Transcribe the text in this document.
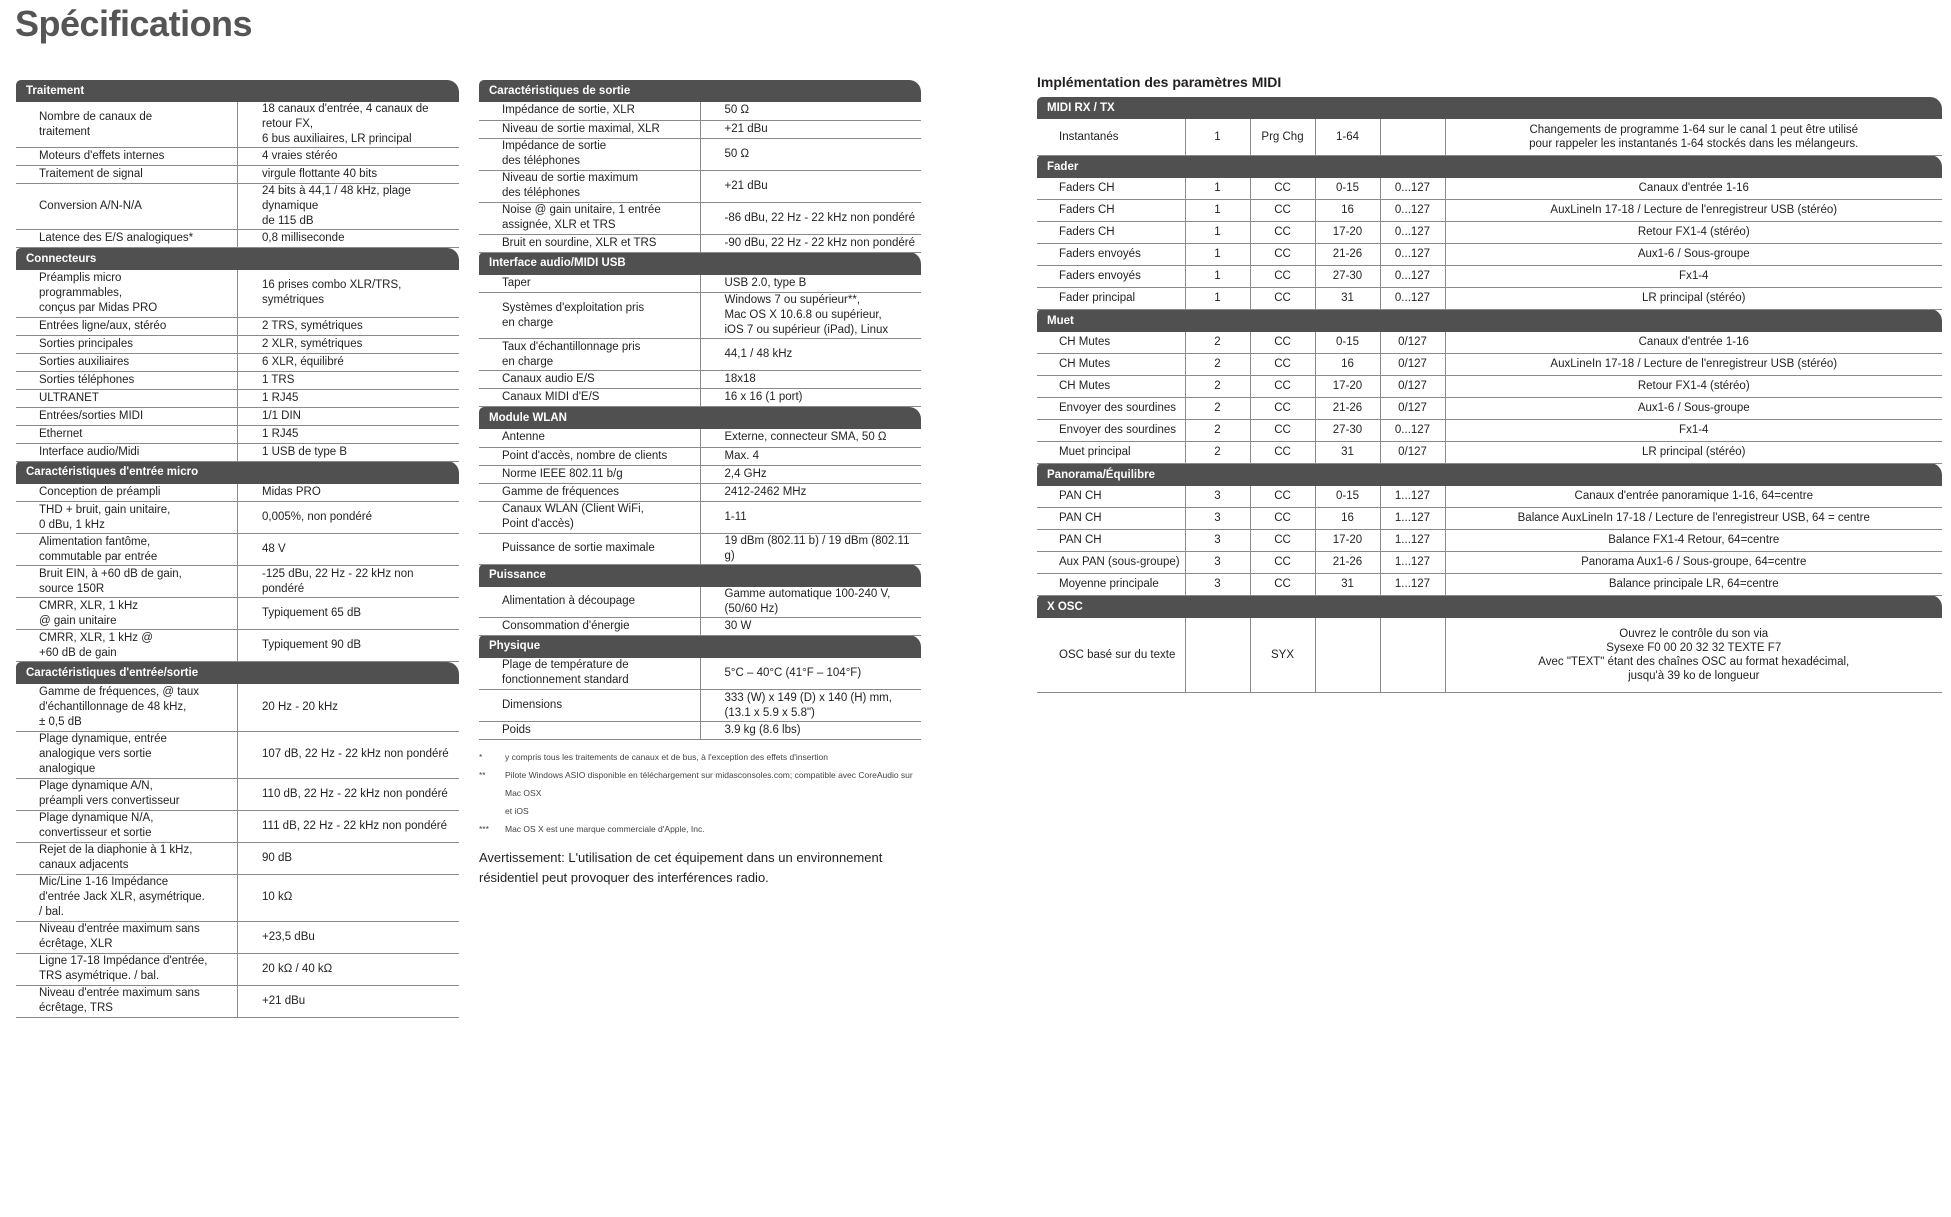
Spécifications
Traitement	
Nombre de canaux de
traitement	18 canaux d'entrée, 4 canaux de retour FX,
6 bus auxiliaires, LR principal
Moteurs d'effets internes	4 vraies stéréo
Traitement de signal	virgule flottante 40 bits
Conversion A/N-N/A	24 bits à 44,1 / 48 kHz, plage dynamique
de 115 dB
Latence des E/S analogiques*	0,8 milliseconde
Connecteurs	
Préamplis micro
programmables,
conçus par Midas PRO	16 prises combo XLR/TRS, symétriques
Entrées ligne/aux, stéréo	2 TRS, symétriques
Sorties principales	2 XLR, symétriques
Sorties auxiliaires	6 XLR, équilibré
Sorties téléphones	1 TRS
ULTRANET	1 RJ45
Entrées/sorties MIDI	1/1 DIN
Ethernet	1 RJ45
Interface audio/Midi	1 USB de type B
Caractéristiques d'entrée micro	
Conception de préampli	Midas PRO
THD + bruit, gain unitaire,
0 dBu, 1 kHz	0,005%, non pondéré
Alimentation fantôme,
commutable par entrée	48 V
Bruit EIN, à +60 dB de gain,
source 150R	-125 dBu, 22 Hz - 22 kHz non pondéré
CMRR, XLR, 1 kHz
@ gain unitaire	Typiquement 65 dB
CMRR, XLR, 1 kHz @
+60 dB de gain	Typiquement 90 dB
Caractéristiques d'entrée/sortie	
Gamme de fréquences, @ taux
d'échantillonnage de 48 kHz,
± 0,5 dB	20 Hz - 20 kHz
Plage dynamique, entrée
analogique vers sortie
analogique	107 dB, 22 Hz - 22 kHz non pondéré
Plage dynamique A/N,
préampli vers convertisseur	110 dB, 22 Hz - 22 kHz non pondéré
Plage dynamique N/A,
convertisseur et sortie	111 dB, 22 Hz - 22 kHz non pondéré
Rejet de la diaphonie à 1 kHz,
canaux adjacents	90 dB
Mic/Line 1-16 Impédance
d'entrée Jack XLR, asymétrique.
/ bal.	10 kΩ
Niveau d'entrée maximum sans
écrêtage, XLR	+23,5 dBu
Ligne 17-18 Impédance d'entrée,
TRS asymétrique. / bal.	20 kΩ / 40 kΩ
Niveau d'entrée maximum sans
écrêtage, TRS	+21 dBu
Caractéristiques de sortie	
Impédance de sortie, XLR	50 Ω
Niveau de sortie maximal, XLR	+21 dBu
Impédance de sortie
des téléphones	50 Ω
Niveau de sortie maximum
des téléphones	+21 dBu
Noise @ gain unitaire, 1 entrée
assignée, XLR et TRS	-86 dBu, 22 Hz - 22 kHz non pondéré
Bruit en sourdine, XLR et TRS	-90 dBu, 22 Hz - 22 kHz non pondéré
Interface audio/MIDI USB	
Taper	USB 2.0, type B
Systèmes d'exploitation pris
en charge	Windows 7 ou supérieur**,
Mac OS X 10.6.8 ou supérieur,
iOS 7 ou supérieur (iPad), Linux
Taux d'échantillonnage pris
en charge	44,1 / 48 kHz
Canaux audio E/S	18x18
Canaux MIDI d'E/S	16 x 16 (1 port)
Module WLAN	
Antenne	Externe, connecteur SMA, 50 Ω
Point d'accès, nombre de clients	Max. 4
Norme IEEE 802.11 b/g	2,4 GHz
Gamme de fréquences	2412-2462 MHz
Canaux WLAN (Client WiFi,
Point d'accès)	1-11
Puissance de sortie maximale	19 dBm (802.11 b) / 19 dBm (802.11 g)
Puissance	
Alimentation à découpage	Gamme automatique 100-240 V, (50/60 Hz)
Consommation d'énergie	30 W
Physique	
Plage de température de
fonctionnement standard	5°C – 40°C (41°F – 104°F)
Dimensions	333 (W) x 149 (D) x 140 (H) mm,
(13.1 x 5.9 x 5.8")
Poids	3.9 kg (8.6 lbs)
*	y compris tous les traitements de canaux et de bus, à l'exception des effets d'insertion
**	Pilote Windows ASIO disponible en téléchargement sur midasconsoles.com; compatible avec CoreAudio sur Mac OSX
et iOS
***	Mac OS X est une marque commerciale d'Apple, Inc.
Avertissement: L'utilisation de cet équipement dans un environnement résidentiel peut provoquer des interférences radio.
Implémentation des paramètres MIDI
MIDI RX / TX					
Instantanés	1	Prg Chg	1-64		Changements de programme 1-64 sur le canal 1 peut être utilisé
pour rappeler les instantanés 1-64 stockés dans les mélangeurs.
Fader					
Faders CH	1	CC	0-15	0...127	Canaux d'entrée 1-16
Faders CH	1	CC	16	0...127	AuxLineIn 17-18 / Lecture de l'enregistreur USB (stéréo)
Faders CH	1	CC	17-20	0...127	Retour FX1-4 (stéréo)
Faders envoyés	1	CC	21-26	0...127	Aux1-6 / Sous-groupe
Faders envoyés	1	CC	27-30	0...127	Fx1-4
Fader principal	1	CC	31	0...127	LR principal (stéréo)
Muet					
CH Mutes	2	CC	0-15	0/127	Canaux d'entrée 1-16
CH Mutes	2	CC	16	0/127	AuxLineIn 17-18 / Lecture de l'enregistreur USB (stéréo)
CH Mutes	2	CC	17-20	0/127	Retour FX1-4 (stéréo)
Envoyer des sourdines	2	CC	21-26	0/127	Aux1-6 / Sous-groupe
Envoyer des sourdines	2	CC	27-30	0...127	Fx1-4
Muet principal	2	CC	31	0/127	LR principal (stéréo)
Panorama/Équilibre					
PAN CH	3	CC	0-15	1...127	Canaux d'entrée panoramique 1-16, 64=centre
PAN CH	3	CC	16	1...127	Balance AuxLineIn 17-18 / Lecture de l'enregistreur USB, 64 = centre
PAN CH	3	CC	17-20	1...127	Balance FX1-4 Retour, 64=centre
Aux PAN (sous-groupe)	3	CC	21-26	1...127	Panorama Aux1-6 / Sous-groupe, 64=centre
Moyenne principale	3	CC	31	1...127	Balance principale LR, 64=centre
X OSC					
OSC basé sur du texte		SYX			Ouvrez le contrôle du son via
Sysexe F0 00 20 32 32 TEXTE F7
Avec "TEXT" étant des chaînes OSC au format hexadécimal,
jusqu'à 39 ko de longueur
